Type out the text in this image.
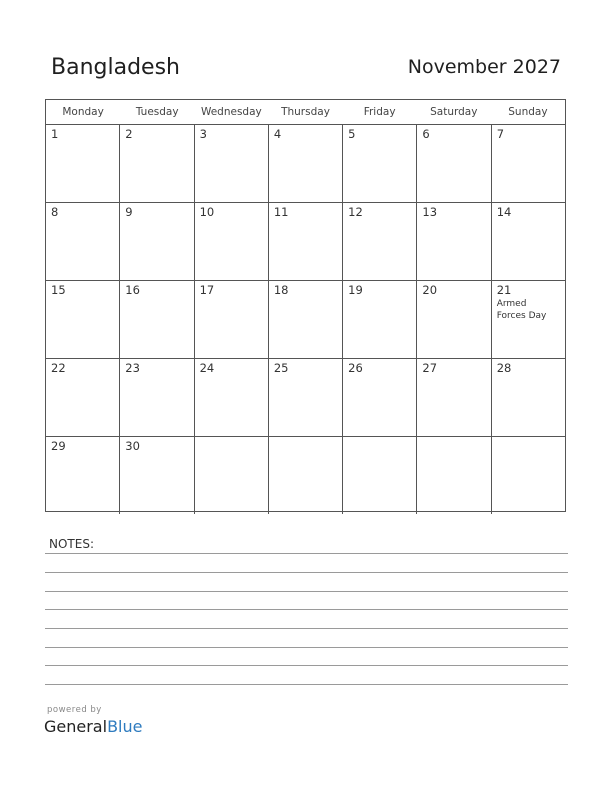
Bangladesh	November 2027
Monday	Tuesday	Wednesday	Thursday	Friday	Saturday	Sunday
1	2	3	4	5	6	7
8	9	10	11	12	13	14
15	16	17	18	19	20	21
Armed Forces Day
22	23	24	25	26	27	28
29	30
NOTES:
powered by
GeneralBlue
